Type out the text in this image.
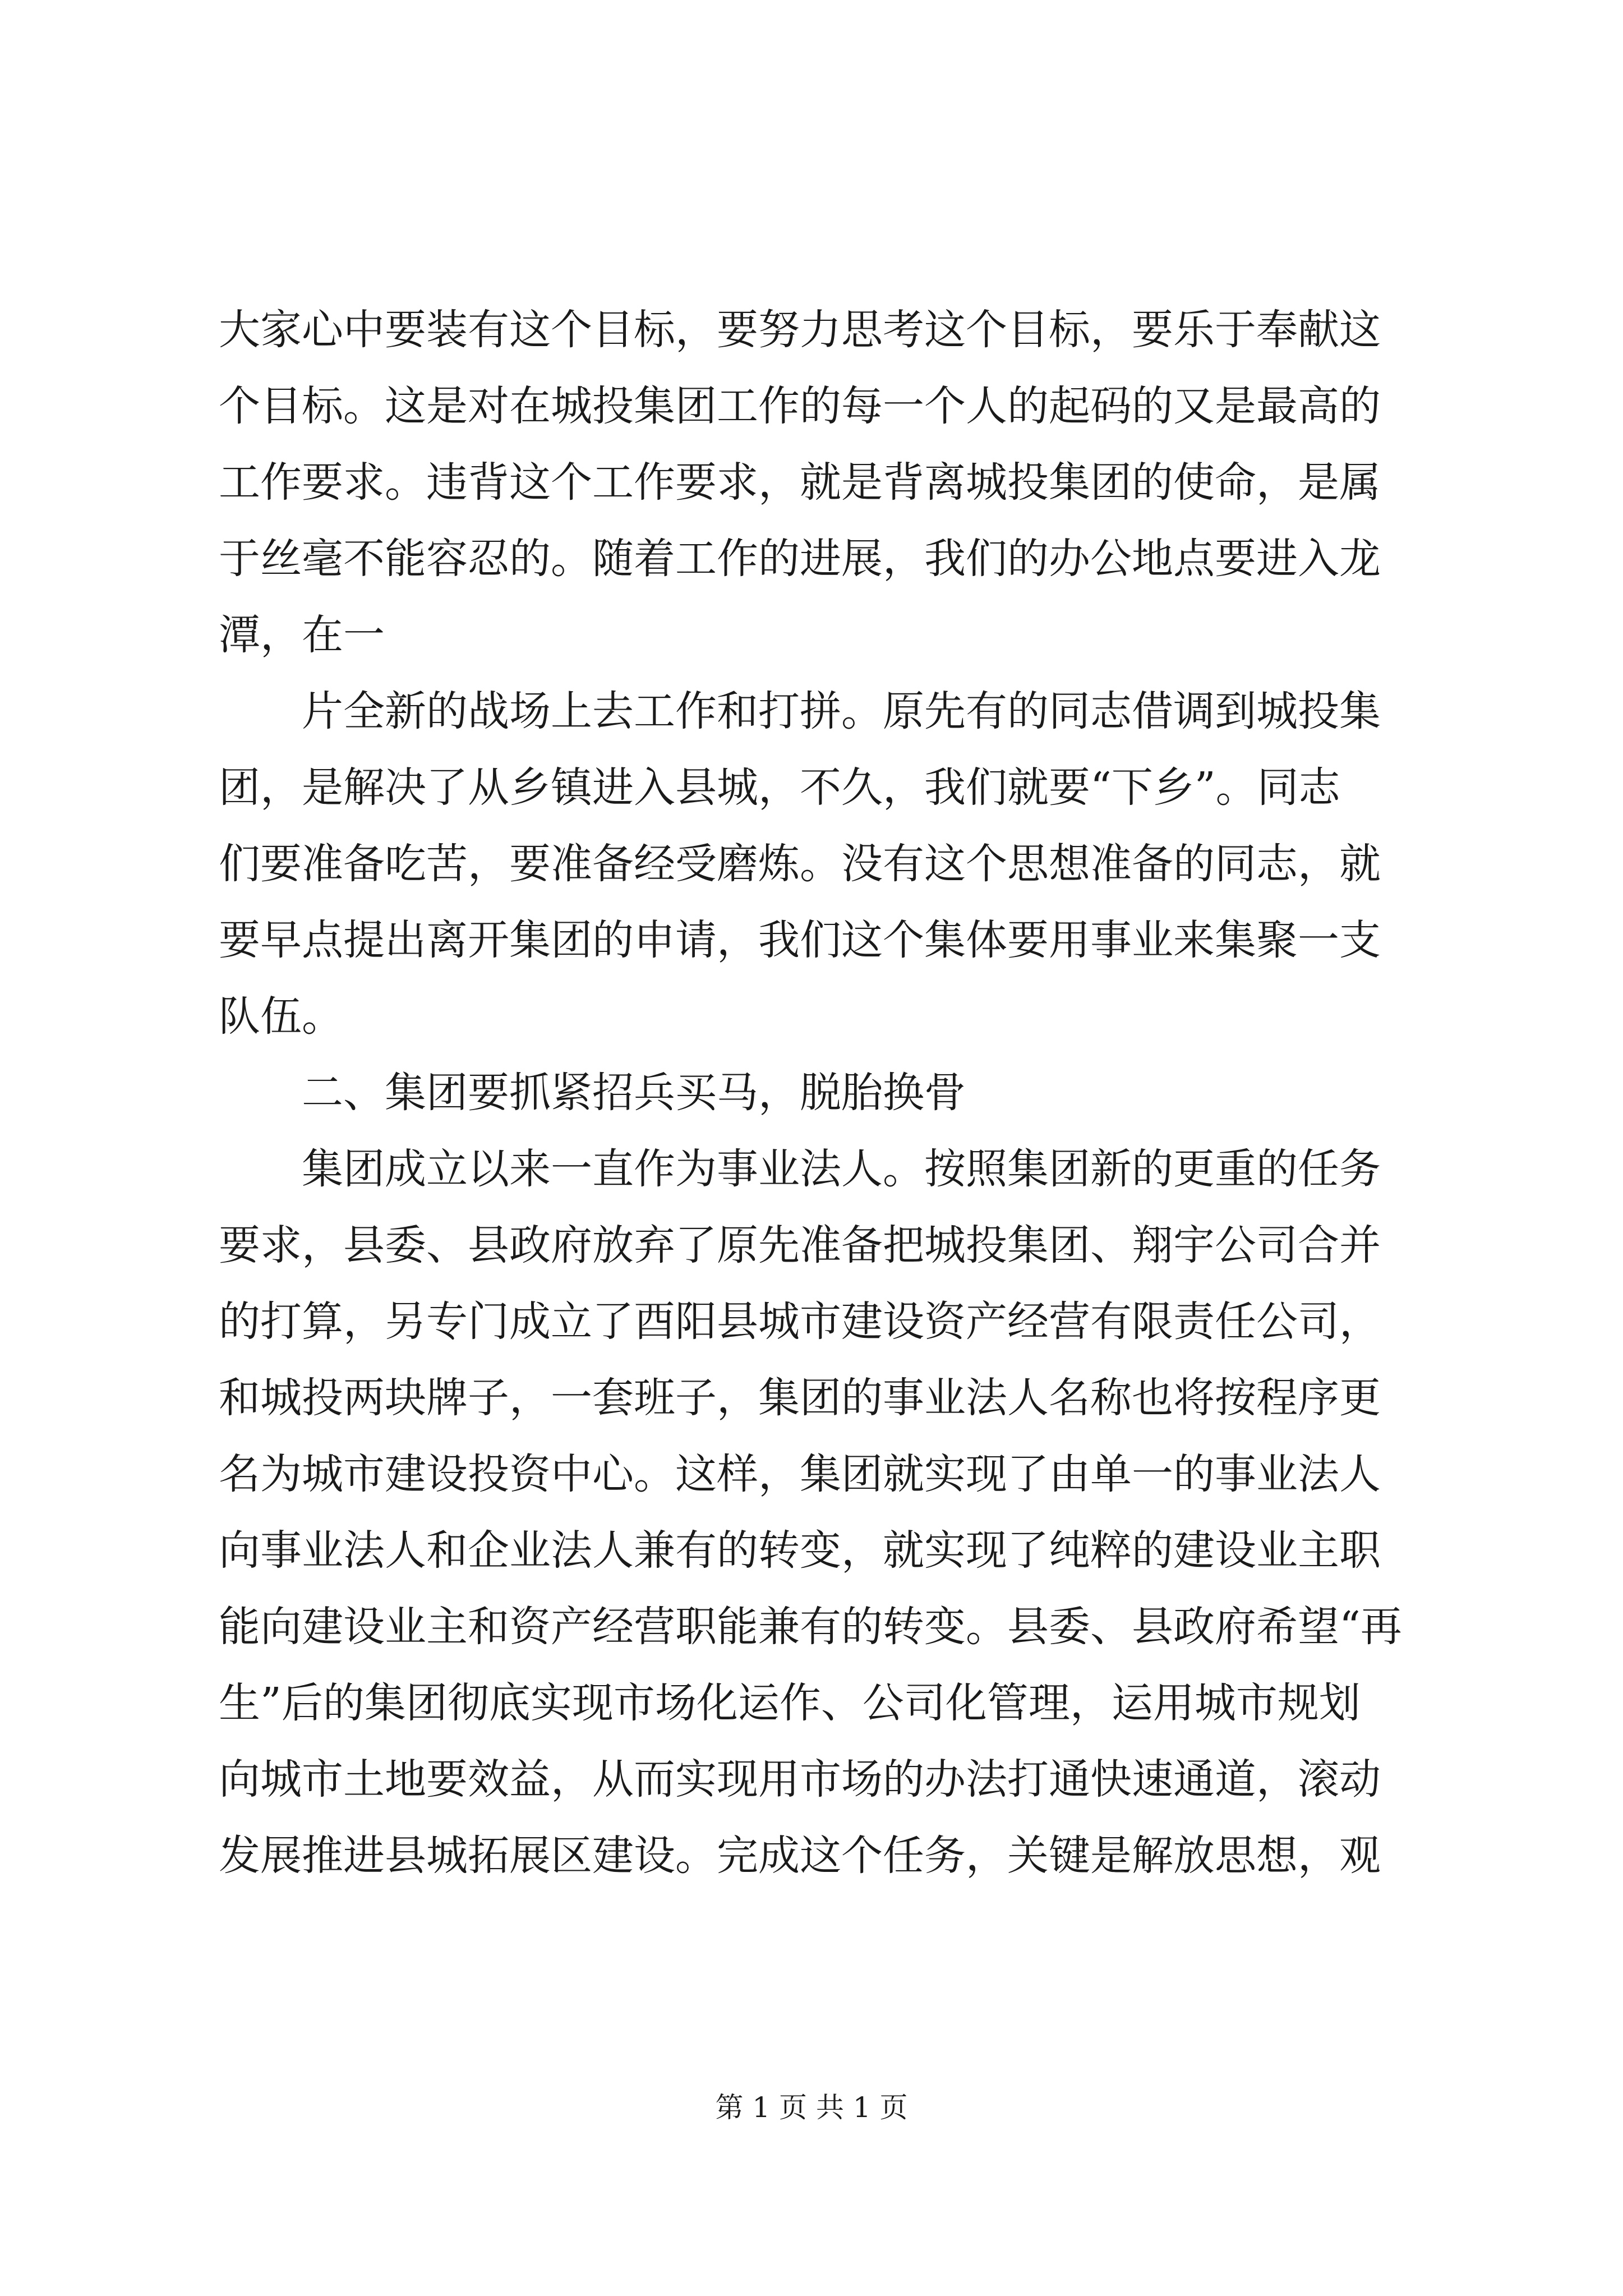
大家心中要装有这个目标，要努力思考这个目标，要乐于奉献这
个目标。这是对在城投集团工作的每一个人的起码的又是最高的
工作要求。违背这个工作要求，就是背离城投集团的使命，是属
于丝毫不能容忍的。随着工作的进展，我们的办公地点要进入龙
潭，在一
　　片全新的战场上去工作和打拼。原先有的同志借调到城投集
团，是解决了从乡镇进入县城，不久，我们就要“下乡”。同志
们要准备吃苦，要准备经受磨炼。没有这个思想准备的同志，就
要早点提出离开集团的申请，我们这个集体要用事业来集聚一支
队伍。
　　二、集团要抓紧招兵买马，脱胎换骨
　　集团成立以来一直作为事业法人。按照集团新的更重的任务
要求，县委、县政府放弃了原先准备把城投集团、翔宇公司合并
的打算，另专门成立了酉阳县城市建设资产经营有限责任公司，
和城投两块牌子，一套班子，集团的事业法人名称也将按程序更
名为城市建设投资中心。这样，集团就实现了由单一的事业法人
向事业法人和企业法人兼有的转变，就实现了纯粹的建设业主职
能向建设业主和资产经营职能兼有的转变。县委、县政府希望“再
生”后的集团彻底实现市场化运作、公司化管理，运用城市规划
向城市土地要效益，从而实现用市场的办法打通快速通道，滚动
发展推进县城拓展区建设。完成这个任务，关键是解放思想，观
第 1 页 共 1 页
